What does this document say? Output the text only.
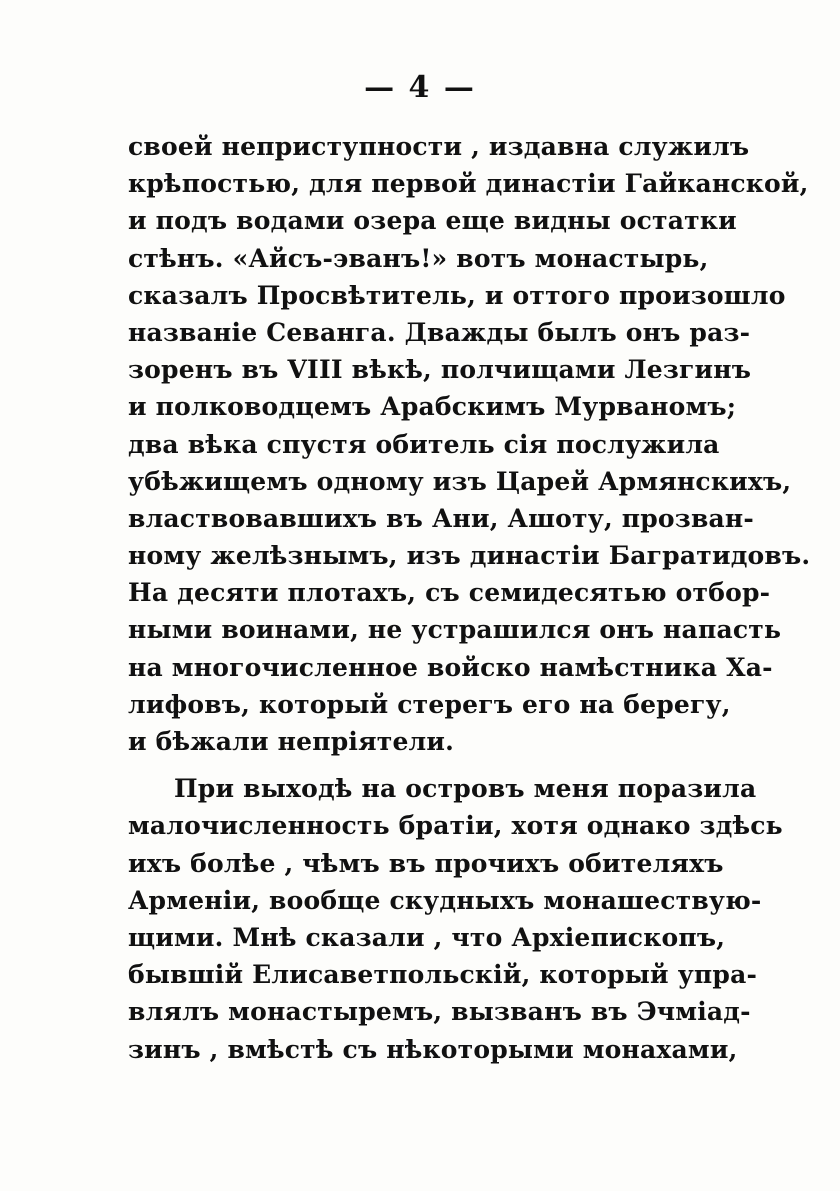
— 4 —
своей неприступности , издавна служилъ
крѣпостью, для первой династіи Гайканской,
и подъ водами озера еще видны остатки
стѣнъ. «Айсъ-эванъ!» вотъ монастырь,
сказалъ Просвѣтитель, и оттого произошло
названіе Севанга. Дважды былъ онъ раз-
зоренъ въ VIII вѣкѣ, полчищами Лезгинъ
и полководцемъ Арабскимъ Мурваномъ;
два вѣка спустя обитель сія послужила
убѣжищемъ одному изъ Царей Армянскихъ,
властвовавшихъ въ Ани, Ашоту, прозван-
ному желѣзнымъ, изъ династіи Багратидовъ.
На десяти плотахъ, съ семидесятью отбор-
ными воинами, не устрашился онъ напасть
на многочисленное войско намѣстника Ха-
лифовъ, который стерегъ его на берегу,
и бѣжали непріятели.
При выходѣ на островъ меня поразила
малочисленность братіи, хотя однако здѣсь
ихъ болѣе , чѣмъ въ прочихъ обителяхъ
Арменіи, вообще скудныхъ монашествую-
щими. Мнѣ сказали , что Архіепископъ,
бывшій Елисаветпольскій, который упра-
влялъ монастыремъ, вызванъ въ Эчміад-
зинъ , вмѣстѣ съ нѣкоторыми монахами,
